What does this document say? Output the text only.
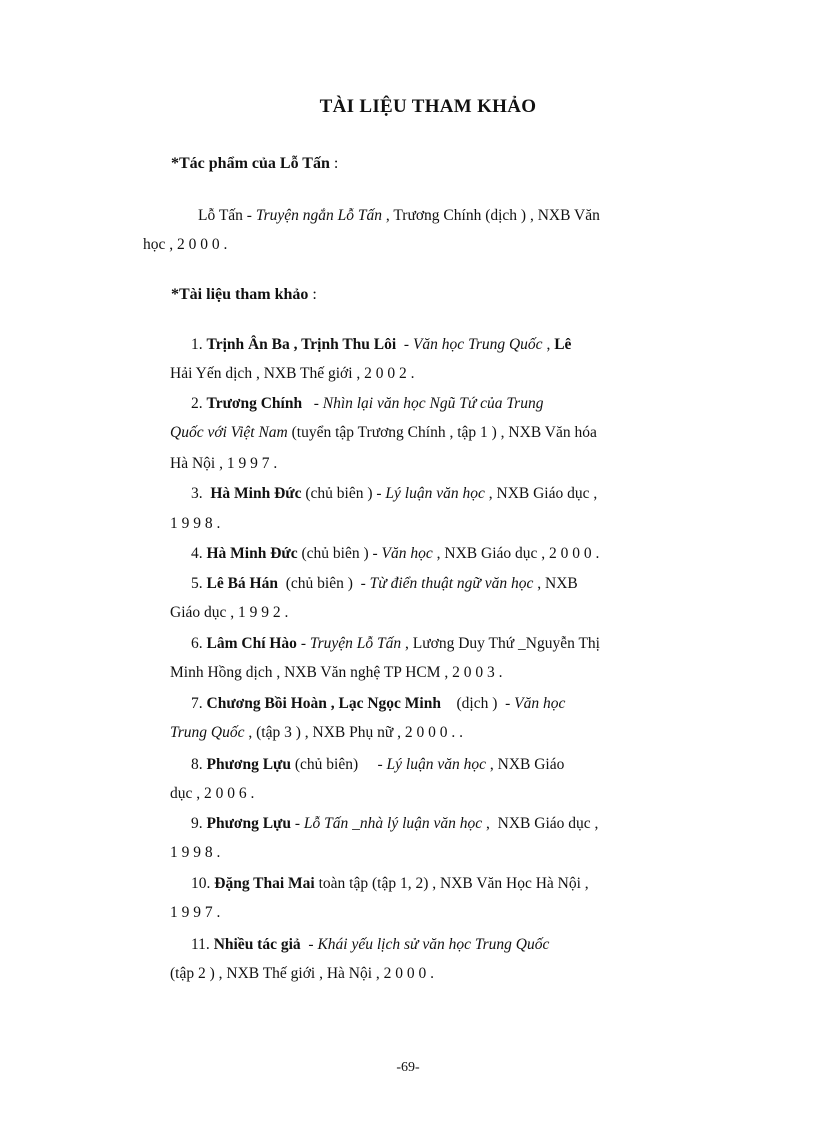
TÀI LIỆU THAM KHẢO
*Tác phẩm của Lỗ Tấn :
Lỗ Tấn - Truyện ngắn Lỗ Tấn , Trương Chính (dịch ) , NXB Văn
học , 2 0 0 0 .
*Tài liệu tham khảo :
1. Trịnh Ân Ba , Trịnh Thu Lôi  - Văn học Trung Quốc , Lê
Hải Yến dịch , NXB Thế giới , 2 0 0 2 .
2. Trương Chính   - Nhìn lại văn học Ngũ Tứ của Trung
Quốc với Việt Nam (tuyển tập Trương Chính , tập 1 ) , NXB Văn hóa
Hà Nội , 1 9 9 7 .
3.  Hà Minh Đức (chủ biên ) - Lý luận văn học , NXB Giáo dục ,
1 9 9 8 .
4. Hà Minh Đức (chủ biên ) - Văn học , NXB Giáo dục , 2 0 0 0 .
5. Lê Bá Hán  (chủ biên )  - Từ điển thuật ngữ văn học , NXB
Giáo dục , 1 9 9 2 .
6. Lâm Chí Hào - Truyện Lỗ Tấn , Lương Duy Thứ _Nguyễn Thị
Minh Hồng dịch , NXB Văn nghệ TP HCM , 2 0 0 3 .
7. Chương Bồi Hoàn , Lạc Ngọc Minh    (dịch )  - Văn học
Trung Quốc , (tập 3 ) , NXB Phụ nữ , 2 0 0 0 . .
8. Phương Lựu (chủ biên)     - Lý luận văn học , NXB Giáo
dục , 2 0 0 6 .
9. Phương Lựu - Lỗ Tấn _nhà lý luận văn học ,  NXB Giáo dục ,
1 9 9 8 .
10. Đặng Thai Mai toàn tập (tập 1, 2) , NXB Văn Học Hà Nội ,
1 9 9 7 .
11. Nhiều tác giả  - Khái yếu lịch sử văn học Trung Quốc
(tập 2 ) , NXB Thế giới , Hà Nội , 2 0 0 0 .
-69-
